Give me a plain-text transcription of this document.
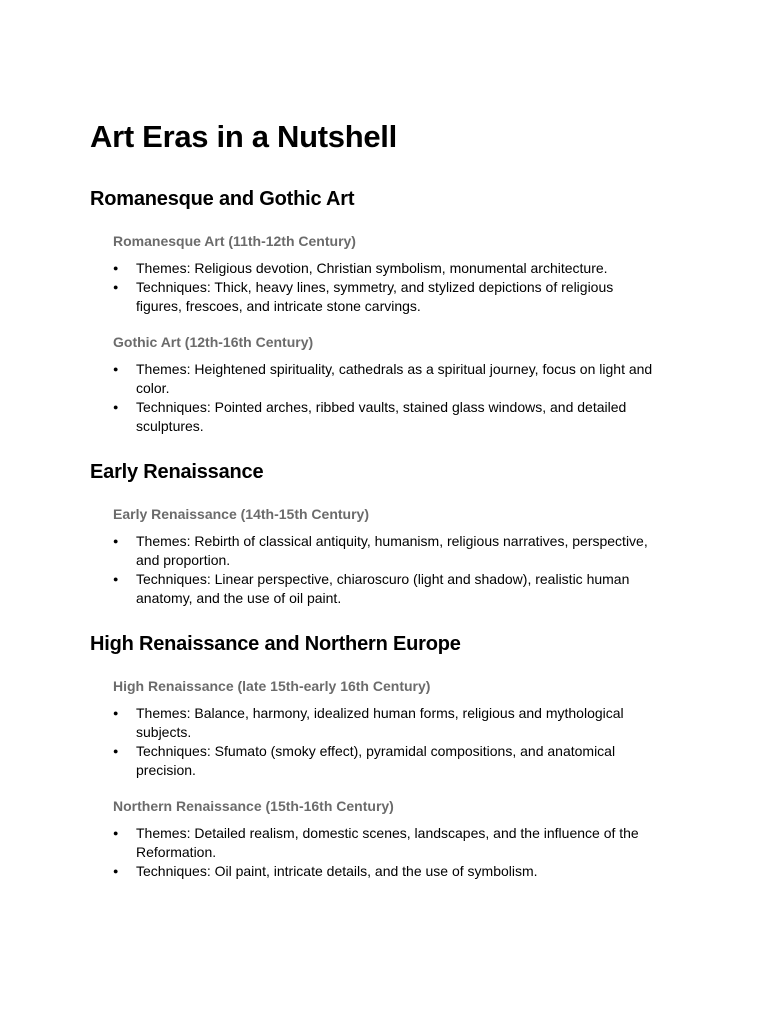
Art Eras in a Nutshell
Romanesque and Gothic Art
Romanesque Art (11th-12th Century)
● Themes: Religious devotion, Christian symbolism, monumental architecture.
● Techniques: Thick, heavy lines, symmetry, and stylized depictions of religious figures, frescoes, and intricate stone carvings.
Gothic Art (12th-16th Century)
● Themes: Heightened spirituality, cathedrals as a spiritual journey, focus on light and color.
● Techniques: Pointed arches, ribbed vaults, stained glass windows, and detailed sculptures.
Early Renaissance
Early Renaissance (14th-15th Century)
● Themes: Rebirth of classical antiquity, humanism, religious narratives, perspective, and proportion.
● Techniques: Linear perspective, chiaroscuro (light and shadow), realistic human anatomy, and the use of oil paint.
High Renaissance and Northern Europe
High Renaissance (late 15th-early 16th Century)
● Themes: Balance, harmony, idealized human forms, religious and mythological subjects.
● Techniques: Sfumato (smoky effect), pyramidal compositions, and anatomical precision.
Northern Renaissance (15th-16th Century)
● Themes: Detailed realism, domestic scenes, landscapes, and the influence of the Reformation.
● Techniques: Oil paint, intricate details, and the use of symbolism.
